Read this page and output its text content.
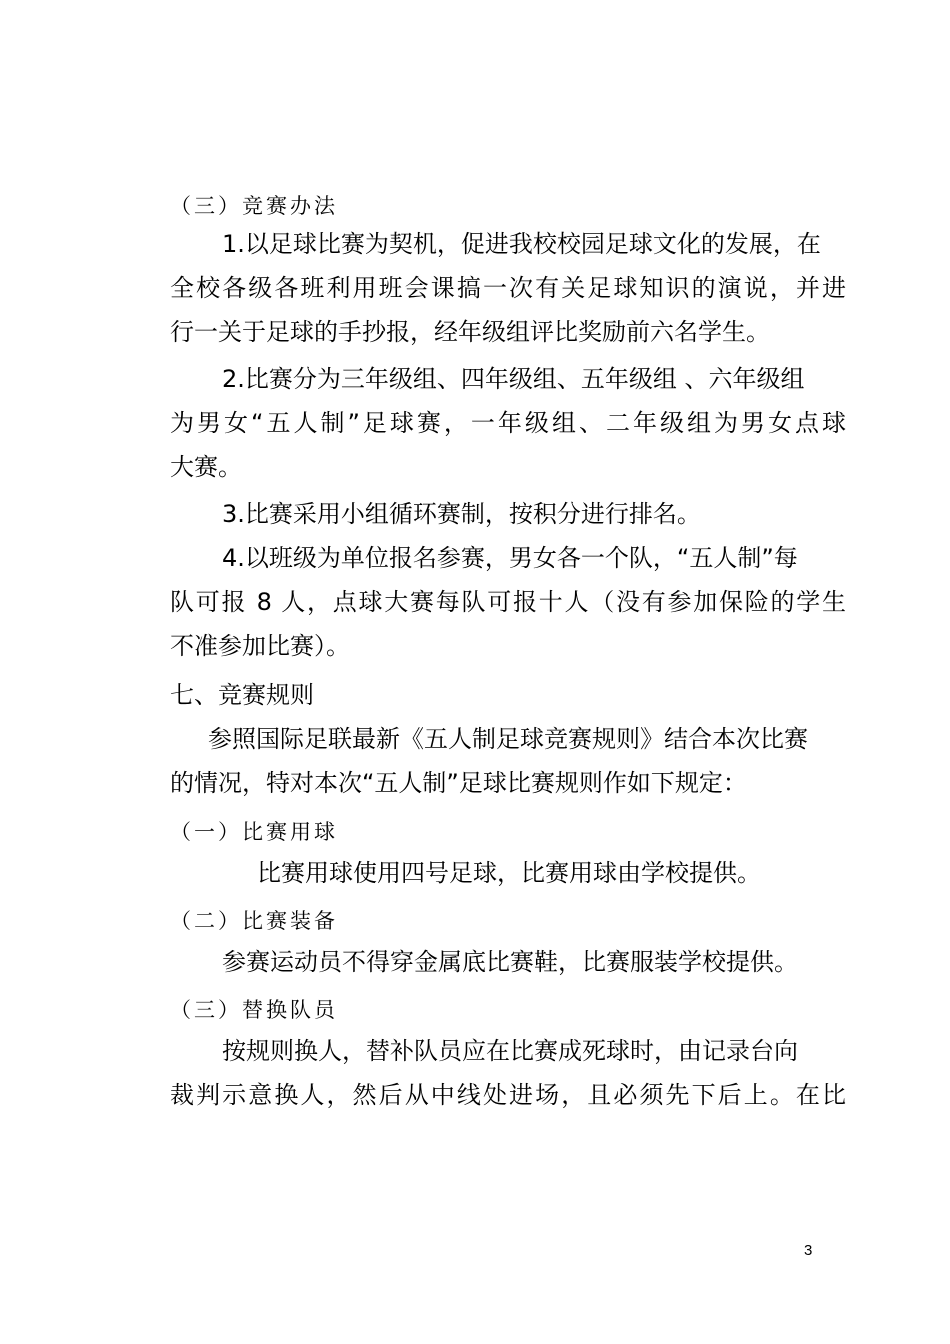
（三）竞赛办法
1.以足球比赛为契机，促进我校校园足球文化的发展，在
全校各级各班利用班会课搞一次有关足球知识的演说，并进
行一关于足球的手抄报，经年级组评比奖励前六名学生。
2.比赛分为三年级组、四年级组、五年级组 、六年级组
为男女“五人制”足球赛，一年级组、二年级组为男女点球
大赛。
3.比赛采用小组循环赛制，按积分进行排名。
4.以班级为单位报名参赛，男女各一个队，“五人制”每
队可报 8 人，点球大赛每队可报十人（没有参加保险的学生
不准参加比赛）。
七、竞赛规则
参照国际足联最新《五人制足球竞赛规则》结合本次比赛
的情况，特对本次“五人制”足球比赛规则作如下规定：
（一）比赛用球
比赛用球使用四号足球，比赛用球由学校提供。
（二）比赛装备
参赛运动员不得穿金属底比赛鞋，比赛服装学校提供。
（三）替换队员
按规则换人，替补队员应在比赛成死球时，由记录台向
裁判示意换人，然后从中线处进场，且必须先下后上。在比
3
